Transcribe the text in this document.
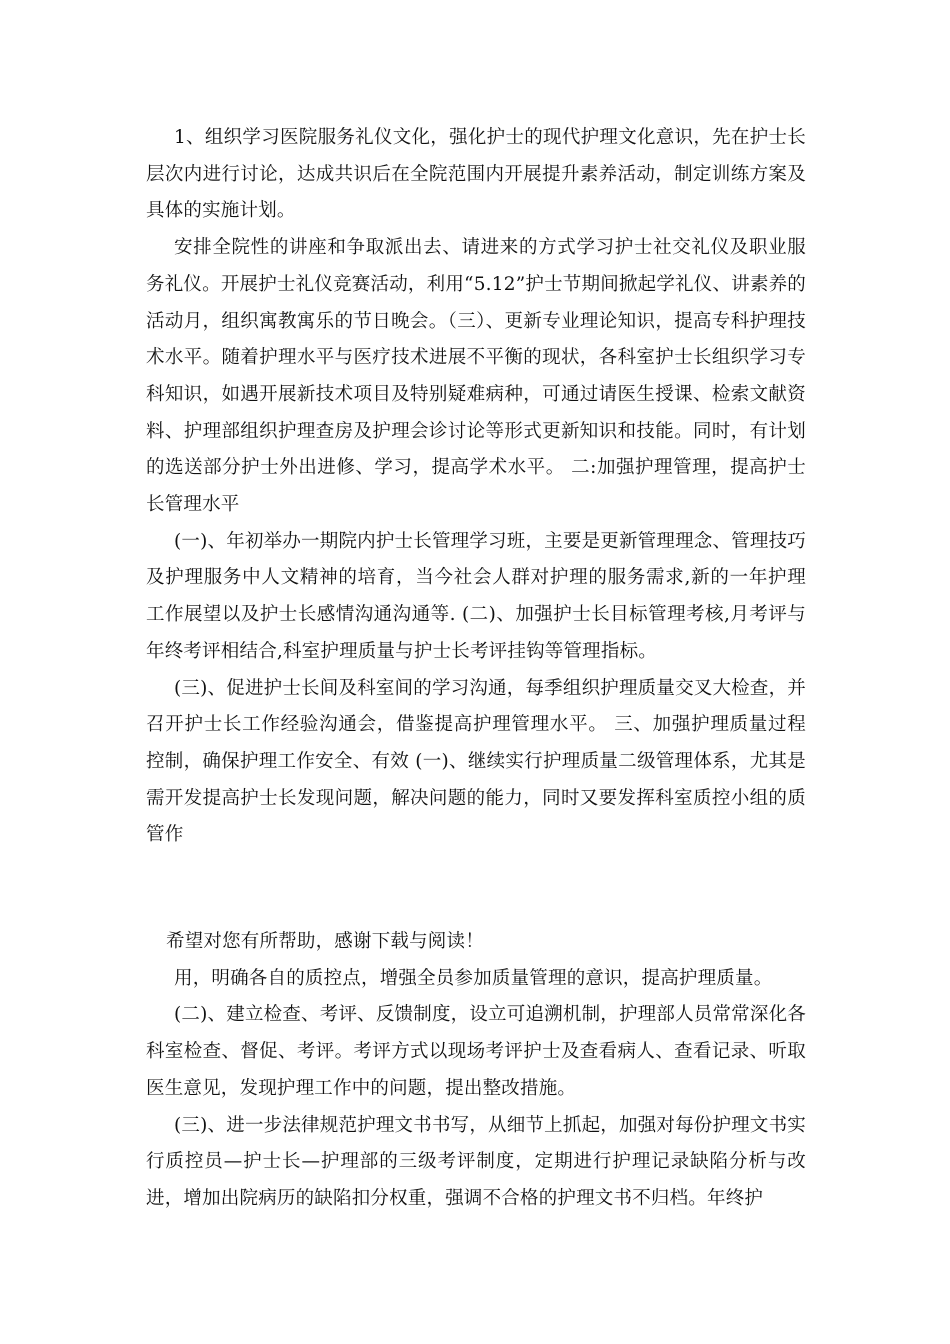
1、组织学习医院服务礼仪文化，强化护士的现代护理文化意识，先在护士长层次内进行讨论，达成共识后在全院范围内开展提升素养活动，制定训练方案及具体的实施计划。

安排全院性的讲座和争取派出去、请进来的方式学习护士社交礼仪及职业服务礼仪。开展护士礼仪竞赛活动，利用“5.12”护士节期间掀起学礼仪、讲素养的活动月，组织寓教寓乐的节日晚会。（三）、更新专业理论知识，提高专科护理技术水平。随着护理水平与医疗技术进展不平衡的现状，各科室护士长组织学习专科知识，如遇开展新技术项目及特别疑难病种，可通过请医生授课、检索文献资料、护理部组织护理查房及护理会诊讨论等形式更新知识和技能。同时，有计划的选送部分护士外出进修、学习，提高学术水平。 二:加强护理管理，提高护士长管理水平

(一)、年初举办一期院内护士长管理学习班，主要是更新管理理念、管理技巧及护理服务中人文精神的培育，当今社会人群对护理的服务需求,新的一年护理工作展望以及护士长感情沟通沟通等. (二)、加强护士长目标管理考核,月考评与年终考评相结合,科室护理质量与护士长考评挂钩等管理指标。

(三)、促进护士长间及科室间的学习沟通，每季组织护理质量交叉大检查，并召开护士长工作经验沟通会，借鉴提高护理管理水平。 三、加强护理质量过程控制，确保护理工作安全、有效 (一)、继续实行护理质量二级管理体系，尤其是需开发提高护士长发现问题，解决问题的能力，同时又要发挥科室质控小组的质管作

希望对您有所帮助，感谢下载与阅读！

用，明确各自的质控点，增强全员参加质量管理的意识，提高护理质量。

(二)、建立检查、考评、反馈制度，设立可追溯机制，护理部人员常常深化各科室检查、督促、考评。考评方式以现场考评护士及查看病人、查看记录、听取医生意见，发现护理工作中的问题，提出整改措施。

(三)、进一步法律规范护理文书书写，从细节上抓起，加强对每份护理文书实行质控员—护士长—护理部的三级考评制度，定期进行护理记录缺陷分析与改进，增加出院病历的缺陷扣分权重，强调不合格的护理文书不归档。年终护
